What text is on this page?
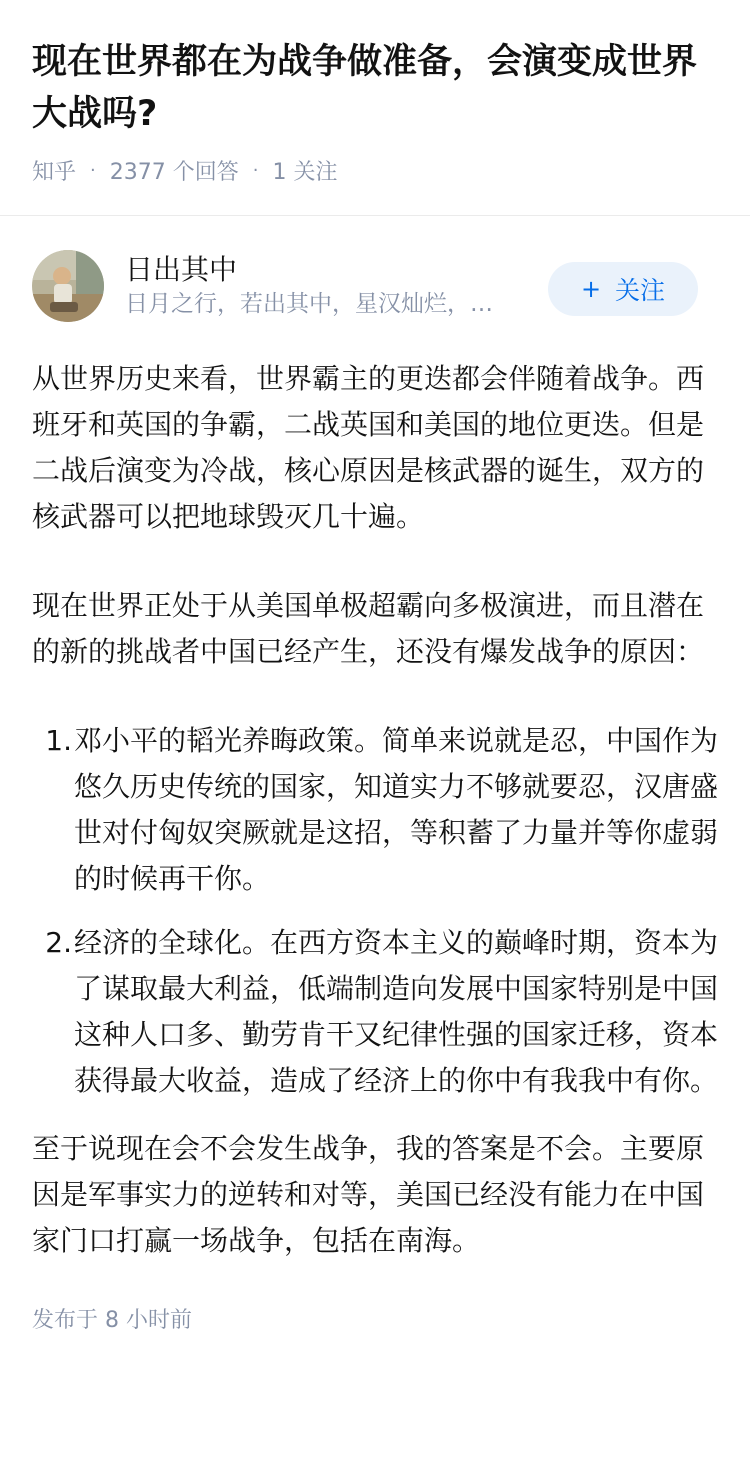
现在世界都在为战争做准备，会演变成世界大战吗?
知乎 · 2377 个回答 · 1 关注
日出其中
日月之行，若出其中，星汉灿烂，…
+ 关注

从世界历史来看，世界霸主的更迭都会伴随着战争。西班牙和英国的争霸，二战英国和美国的地位更迭。但是二战后演变为冷战，核心原因是核武器的诞生，双方的核武器可以把地球毁灭几十遍。

现在世界正处于从美国单极超霸向多极演进，而且潜在的新的挑战者中国已经产生，还没有爆发战争的原因：

1. 邓小平的韬光养晦政策。简单来说就是忍，中国作为悠久历史传统的国家，知道实力不够就要忍，汉唐盛世对付匈奴突厥就是这招，等积蓄了力量并等你虚弱的时候再干你。
2. 经济的全球化。在西方资本主义的巅峰时期，资本为了谋取最大利益，低端制造向发展中国家特别是中国这种人口多、勤劳肯干又纪律性强的国家迁移，资本获得最大收益，造成了经济上的你中有我我中有你。

至于说现在会不会发生战争，我的答案是不会。主要原因是军事实力的逆转和对等，美国已经没有能力在中国家门口打赢一场战争，包括在南海。

发布于 8 小时前
